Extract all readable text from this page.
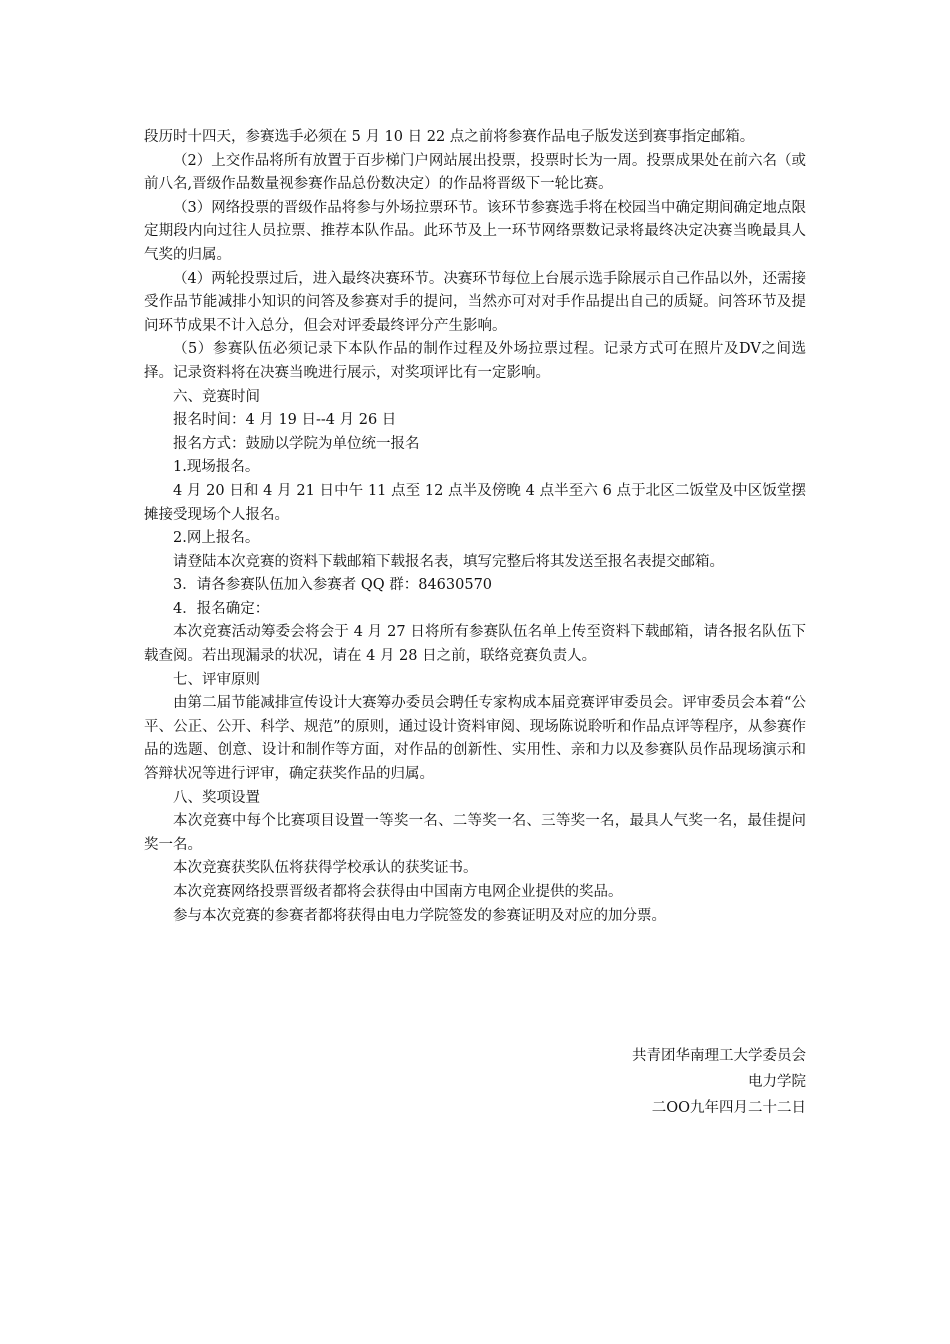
段历时十四天，参赛选手必须在 5 月 10 日 22 点之前将参赛作品电子版发送到赛事指定邮箱。

（2）上交作品将所有放置于百步梯门户网站展出投票，投票时长为一周。投票成果处在前六名（或前八名,晋级作品数量视参赛作品总份数决定）的作品将晋级下一轮比赛。

（3）网络投票的晋级作品将参与外场拉票环节。该环节参赛选手将在校园当中确定期间确定地点限定期段内向过往人员拉票、推荐本队作品。此环节及上一环节网络票数记录将最终决定决赛当晚最具人气奖的归属。

（4）两轮投票过后，进入最终决赛环节。决赛环节每位上台展示选手除展示自己作品以外，还需接受作品节能减排小知识的问答及参赛对手的提问，当然亦可对对手作品提出自己的质疑。问答环节及提问环节成果不计入总分，但会对评委最终评分产生影响。

（5）参赛队伍必须记录下本队作品的制作过程及外场拉票过程。记录方式可在照片及DV之间选择。记录资料将在决赛当晚进行展示，对奖项评比有一定影响。

六、竞赛时间

报名时间：4 月 19 日--4 月 26 日

报名方式：鼓励以学院为单位统一报名

1.现场报名。

4 月 20 日和 4 月 21 日中午 11 点至 12 点半及傍晚 4 点半至六 6 点于北区二饭堂及中区饭堂摆摊接受现场个人报名。

2.网上报名。

请登陆本次竞赛的资料下载邮箱下载报名表，填写完整后将其发送至报名表提交邮箱。

3．请各参赛队伍加入参赛者 QQ 群：84630570

4．报名确定：

本次竞赛活动筹委会将会于 4 月 27 日将所有参赛队伍名单上传至资料下载邮箱，请各报名队伍下载查阅。若出现漏录的状况，请在 4 月 28 日之前，联络竞赛负责人。

七、评审原则

由第二届节能减排宣传设计大赛筹办委员会聘任专家构成本届竞赛评审委员会。评审委员会本着“公平、公正、公开、科学、规范”的原则，通过设计资料审阅、现场陈说聆听和作品点评等程序，从参赛作品的选题、创意、设计和制作等方面，对作品的创新性、实用性、亲和力以及参赛队员作品现场演示和答辩状况等进行评审，确定获奖作品的归属。

八、奖项设置

本次竞赛中每个比赛项目设置一等奖一名、二等奖一名、三等奖一名，最具人气奖一名，最佳提问奖一名。

本次竞赛获奖队伍将获得学校承认的获奖证书。

本次竞赛网络投票晋级者都将会获得由中国南方电网企业提供的奖品。

参与本次竞赛的参赛者都将获得由电力学院签发的参赛证明及对应的加分票。

共青团华南理工大学委员会
电力学院
二OO九年四月二十二日
